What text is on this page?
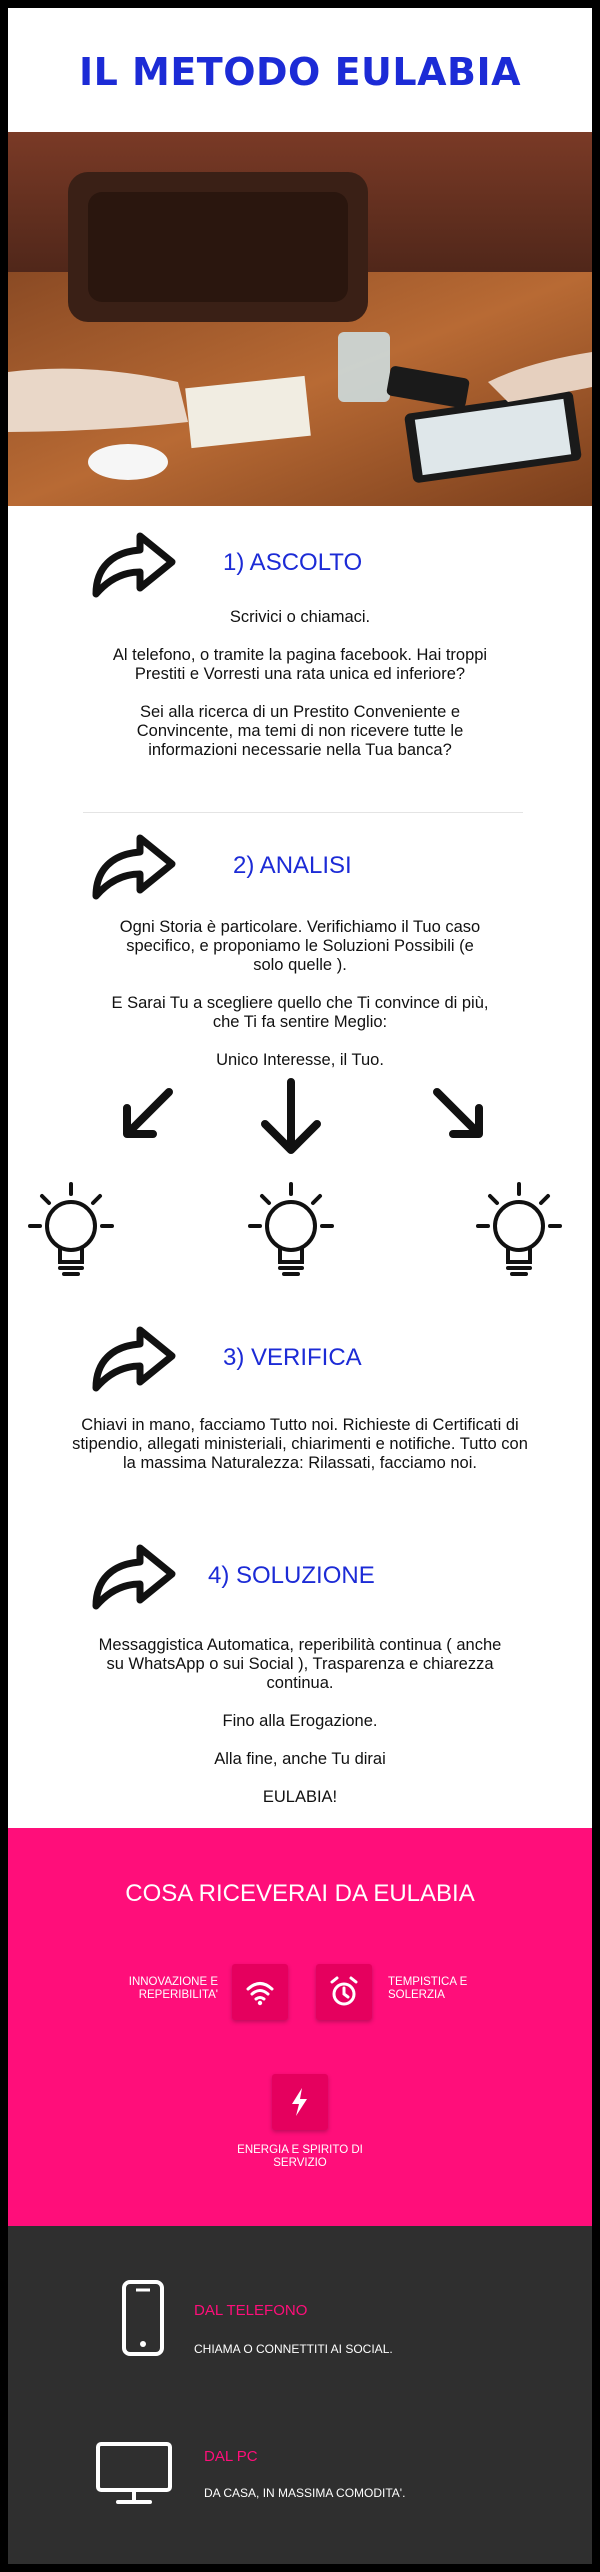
IL METODO EULABIA
1) ASCOLTO

Scrivici o chiamaci.

Al telefono, o tramite la pagina facebook. Hai troppi Prestiti e Vorresti una rata unica ed inferiore?

Sei alla ricerca di un Prestito Conveniente e Convincente, ma temi di non ricevere tutte le informazioni necessarie nella Tua banca?

2) ANALISI

Ogni Storia è particolare. Verifichiamo il Tuo caso specifico, e proponiamo le Soluzioni Possibili (e solo quelle ).

E Sarai Tu a scegliere quello che Ti convince di più, che Ti fa sentire Meglio:

Unico Interesse, il Tuo.

3) VERIFICA

Chiavi in mano, facciamo Tutto noi. Richieste di Certificati di stipendio, allegati ministeriali, chiarimenti e notifiche. Tutto con la massima Naturalezza: Rilassati, facciamo noi.

4) SOLUZIONE

Messaggistica Automatica, reperibilità continua ( anche su WhatsApp o sui Social ), Trasparenza e chiarezza continua.

Fino alla Erogazione.

Alla fine, anche Tu dirai

EULABIA!

COSA RICEVERAI DA EULABIA
INNOVAZIONE E REPERIBILITA'
TEMPISTICA E SOLERZIA
ENERGIA E SPIRITO DI SERVIZIO
DAL TELEFONO
CHIAMA O CONNETTITI AI SOCIAL.
DAL PC
DA CASA, IN MASSIMA COMODITA'.
